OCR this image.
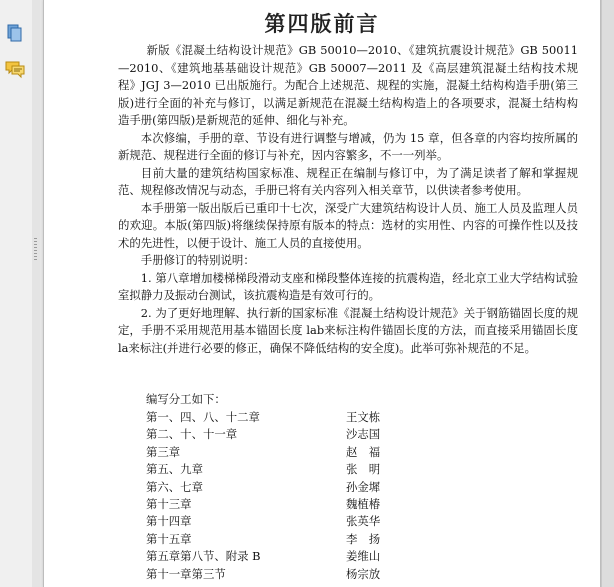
第四版前言

新版《混凝土结构设计规范》GB 50010—2010、《建筑抗震设计规范》GB 50011—2010、《建筑地基基础设计规范》GB 50007—2011 及《高层建筑混凝土结构技术规程》JGJ 3—2010 已出版施行。为配合上述规范、规程的实施，混凝土结构构造手册(第三版)进行全面的补充与修订，以满足新规范在混凝土结构构造上的各项要求，混凝土结构构造手册(第四版)是新规范的延伸、细化与补充。

本次修编，手册的章、节设有进行调整与增减，仍为 15 章，但各章的内容均按所属的新规范、规程进行全面的修订与补充，因内容繁多，不一一列举。

目前大量的建筑结构国家标准、规程正在编制与修订中，为了满足读者了解和掌握规范、规程修改情况与动态，手册已将有关内容列入相关章节，以供读者参考使用。

本手册第一版出版后已重印十七次，深受广大建筑结构设计人员、施工人员及监理人员的欢迎。本版(第四版)将继续保持原有版本的特点：选材的实用性、内容的可操作性以及技术的先进性，以便于设计、施工人员的直接使用。

手册修订的特别说明：

1. 第八章增加楼梯梯段滑动支座和梯段整体连接的抗震构造，经北京工业大学结构试验室拟静力及振动台测试，该抗震构造是有效可行的。

2. 为了更好地理解、执行新的国家标准《混凝土结构设计规范》关于钢筋锚固长度的规定，手册不采用规范用基本锚固长度 lab来标注构件锚固长度的方法，而直接采用锚固长度 la来标注(并进行必要的修正，确保不降低结构的安全度)。此举可弥补规范的不足。

编写分工如下：
第一、四、八、十二章	王文栋
第二、十、十一章	沙志国
第三章	赵　福
第五、九章	张　明
第六、七章	孙金墀
第十三章	魏植椿
第十四章	张英华
第十五章	李　扬
第五章第八节、附录 B	姜维山
第十一章第三节	杨宗放
